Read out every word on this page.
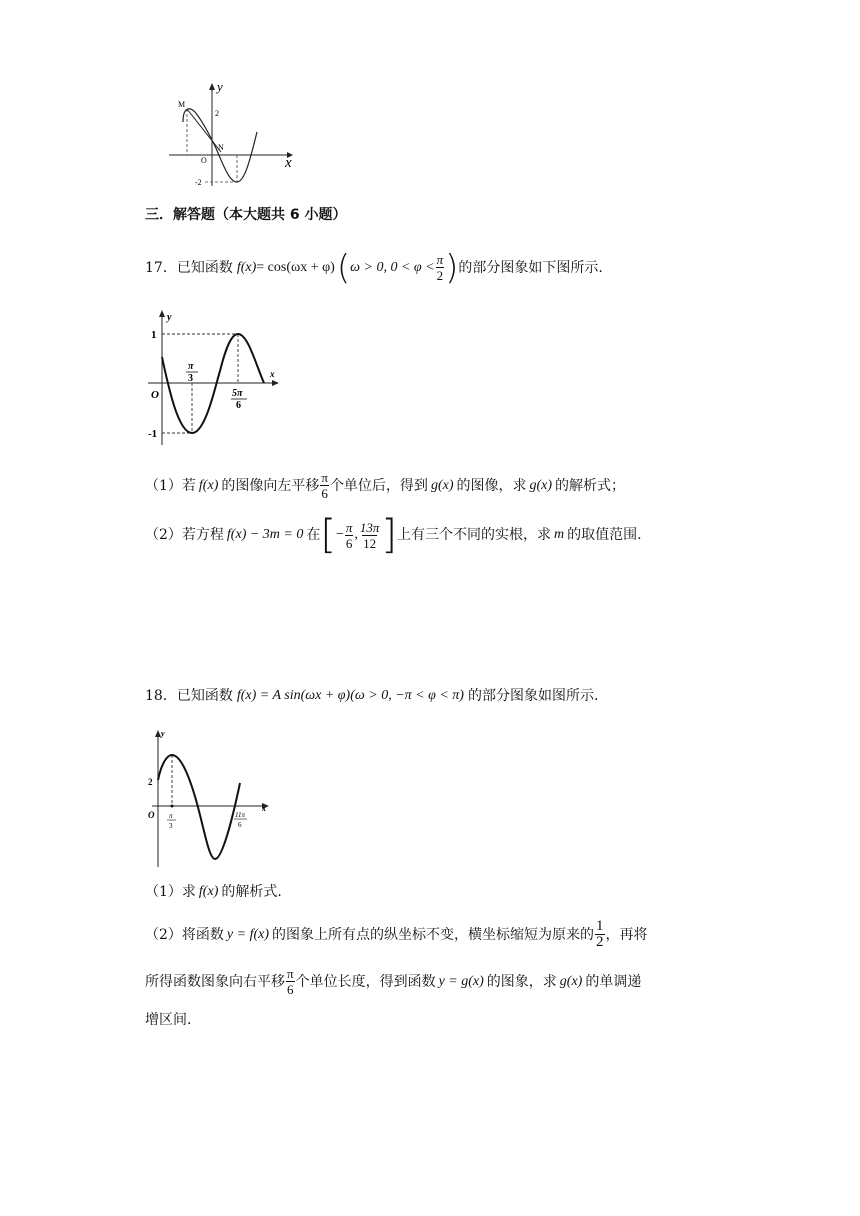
y
x
M
2
N
O
-2
三．解答题（本大题共 6 小题）
17． 已知函数 f(x) = cos(ωx + φ) ( ω > 0, $0 < \varphi < \frac{\pi}{2}$ ) 的部分图象如下图所示.
y
x
1
-1
O
π
3
5π
6
（1）若 f(x) 的图像向左平移 $\frac{\pi}{6}$ 个单位后，得到 g(x) 的图像，求 g(x) 的解析式；
（2）若方程 f(x) − 3m = 0 在 [ − $\frac{\pi}{6}$ , $\frac{13\pi}{12}$ ] 上有三个不同的实根，求 m 的取值范围.
18． 已知函数 f(x) = A sin(ωx + φ)(ω > 0, −π < φ < π) 的部分图象如图所示.
y
x
O
2
π
3
11π
6
（1）求 f(x) 的解析式.
（2）将函数 y = f(x) 的图象上所有点的纵坐标不变，横坐标缩短为原来的 $\frac{1}{2}$ ，再将
所得函数图象向右平移 $\frac{\pi}{6}$ 个单位长度，得到函数 y = g(x) 的图象，求 g(x) 的单调递
增区间.
